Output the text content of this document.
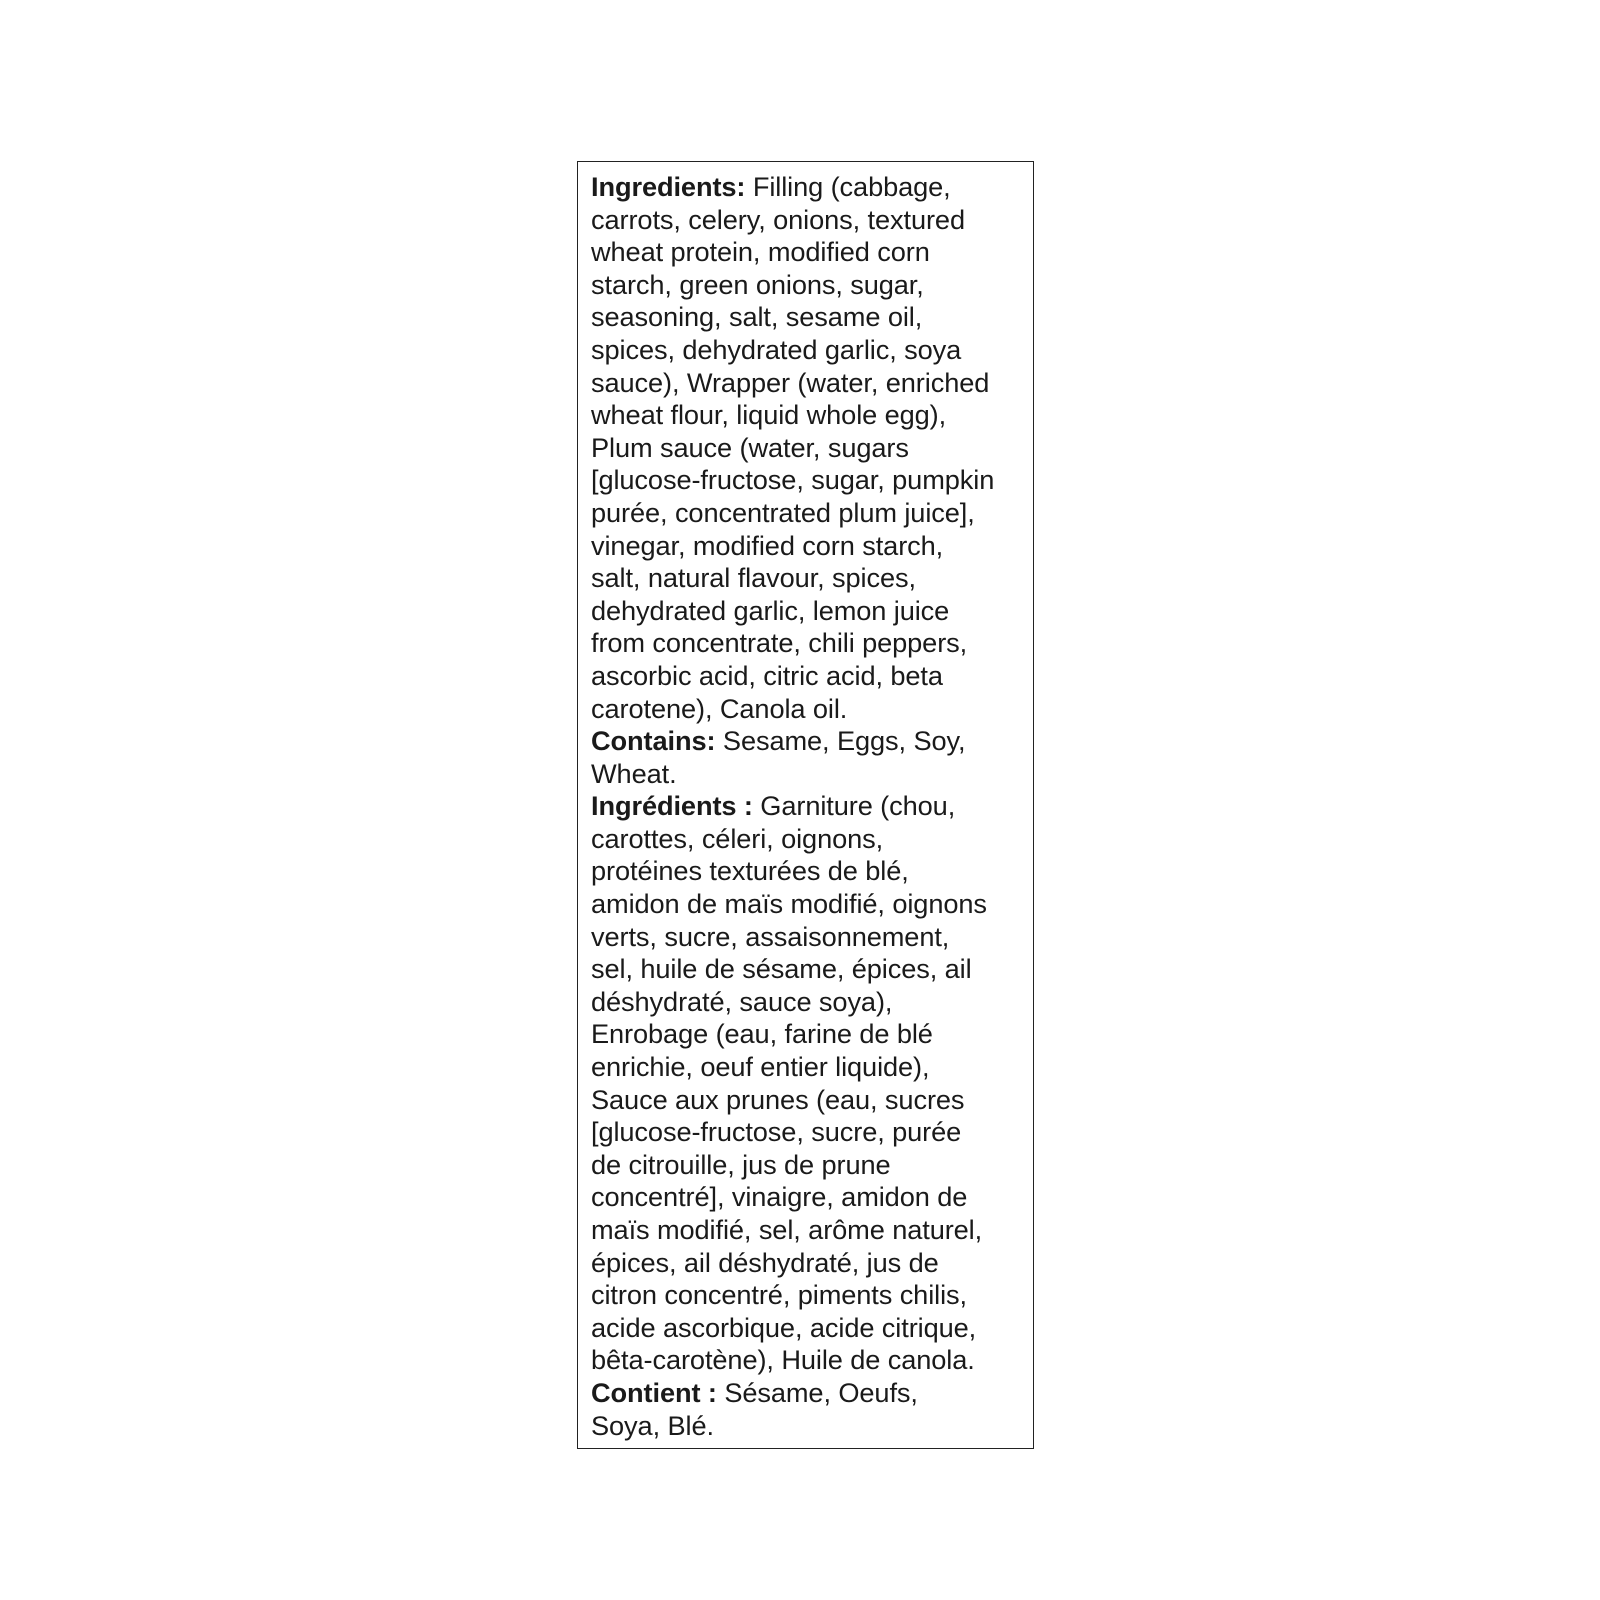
Ingredients: Filling (cabbage,
carrots, celery, onions, textured
wheat protein, modified corn
starch, green onions, sugar,
seasoning, salt, sesame oil,
spices, dehydrated garlic, soya
sauce), Wrapper (water, enriched
wheat flour, liquid whole egg),
Plum sauce (water, sugars
[glucose-fructose, sugar, pumpkin
purée, concentrated plum juice],
vinegar, modified corn starch,
salt, natural flavour, spices,
dehydrated garlic, lemon juice
from concentrate, chili peppers,
ascorbic acid, citric acid, beta
carotene), Canola oil.
Contains: Sesame, Eggs, Soy,
Wheat.
Ingrédients : Garniture (chou,
carottes, céleri, oignons,
protéines texturées de blé,
amidon de maïs modifié, oignons
verts, sucre, assaisonnement,
sel, huile de sésame, épices, ail
déshydraté, sauce soya),
Enrobage (eau, farine de blé
enrichie, oeuf entier liquide),
Sauce aux prunes (eau, sucres
[glucose-fructose, sucre, purée
de citrouille, jus de prune
concentré], vinaigre, amidon de
maïs modifié, sel, arôme naturel,
épices, ail déshydraté, jus de
citron concentré, piments chilis,
acide ascorbique, acide citrique,
bêta-carotène), Huile de canola.
Contient : Sésame, Oeufs,
Soya, Blé.
